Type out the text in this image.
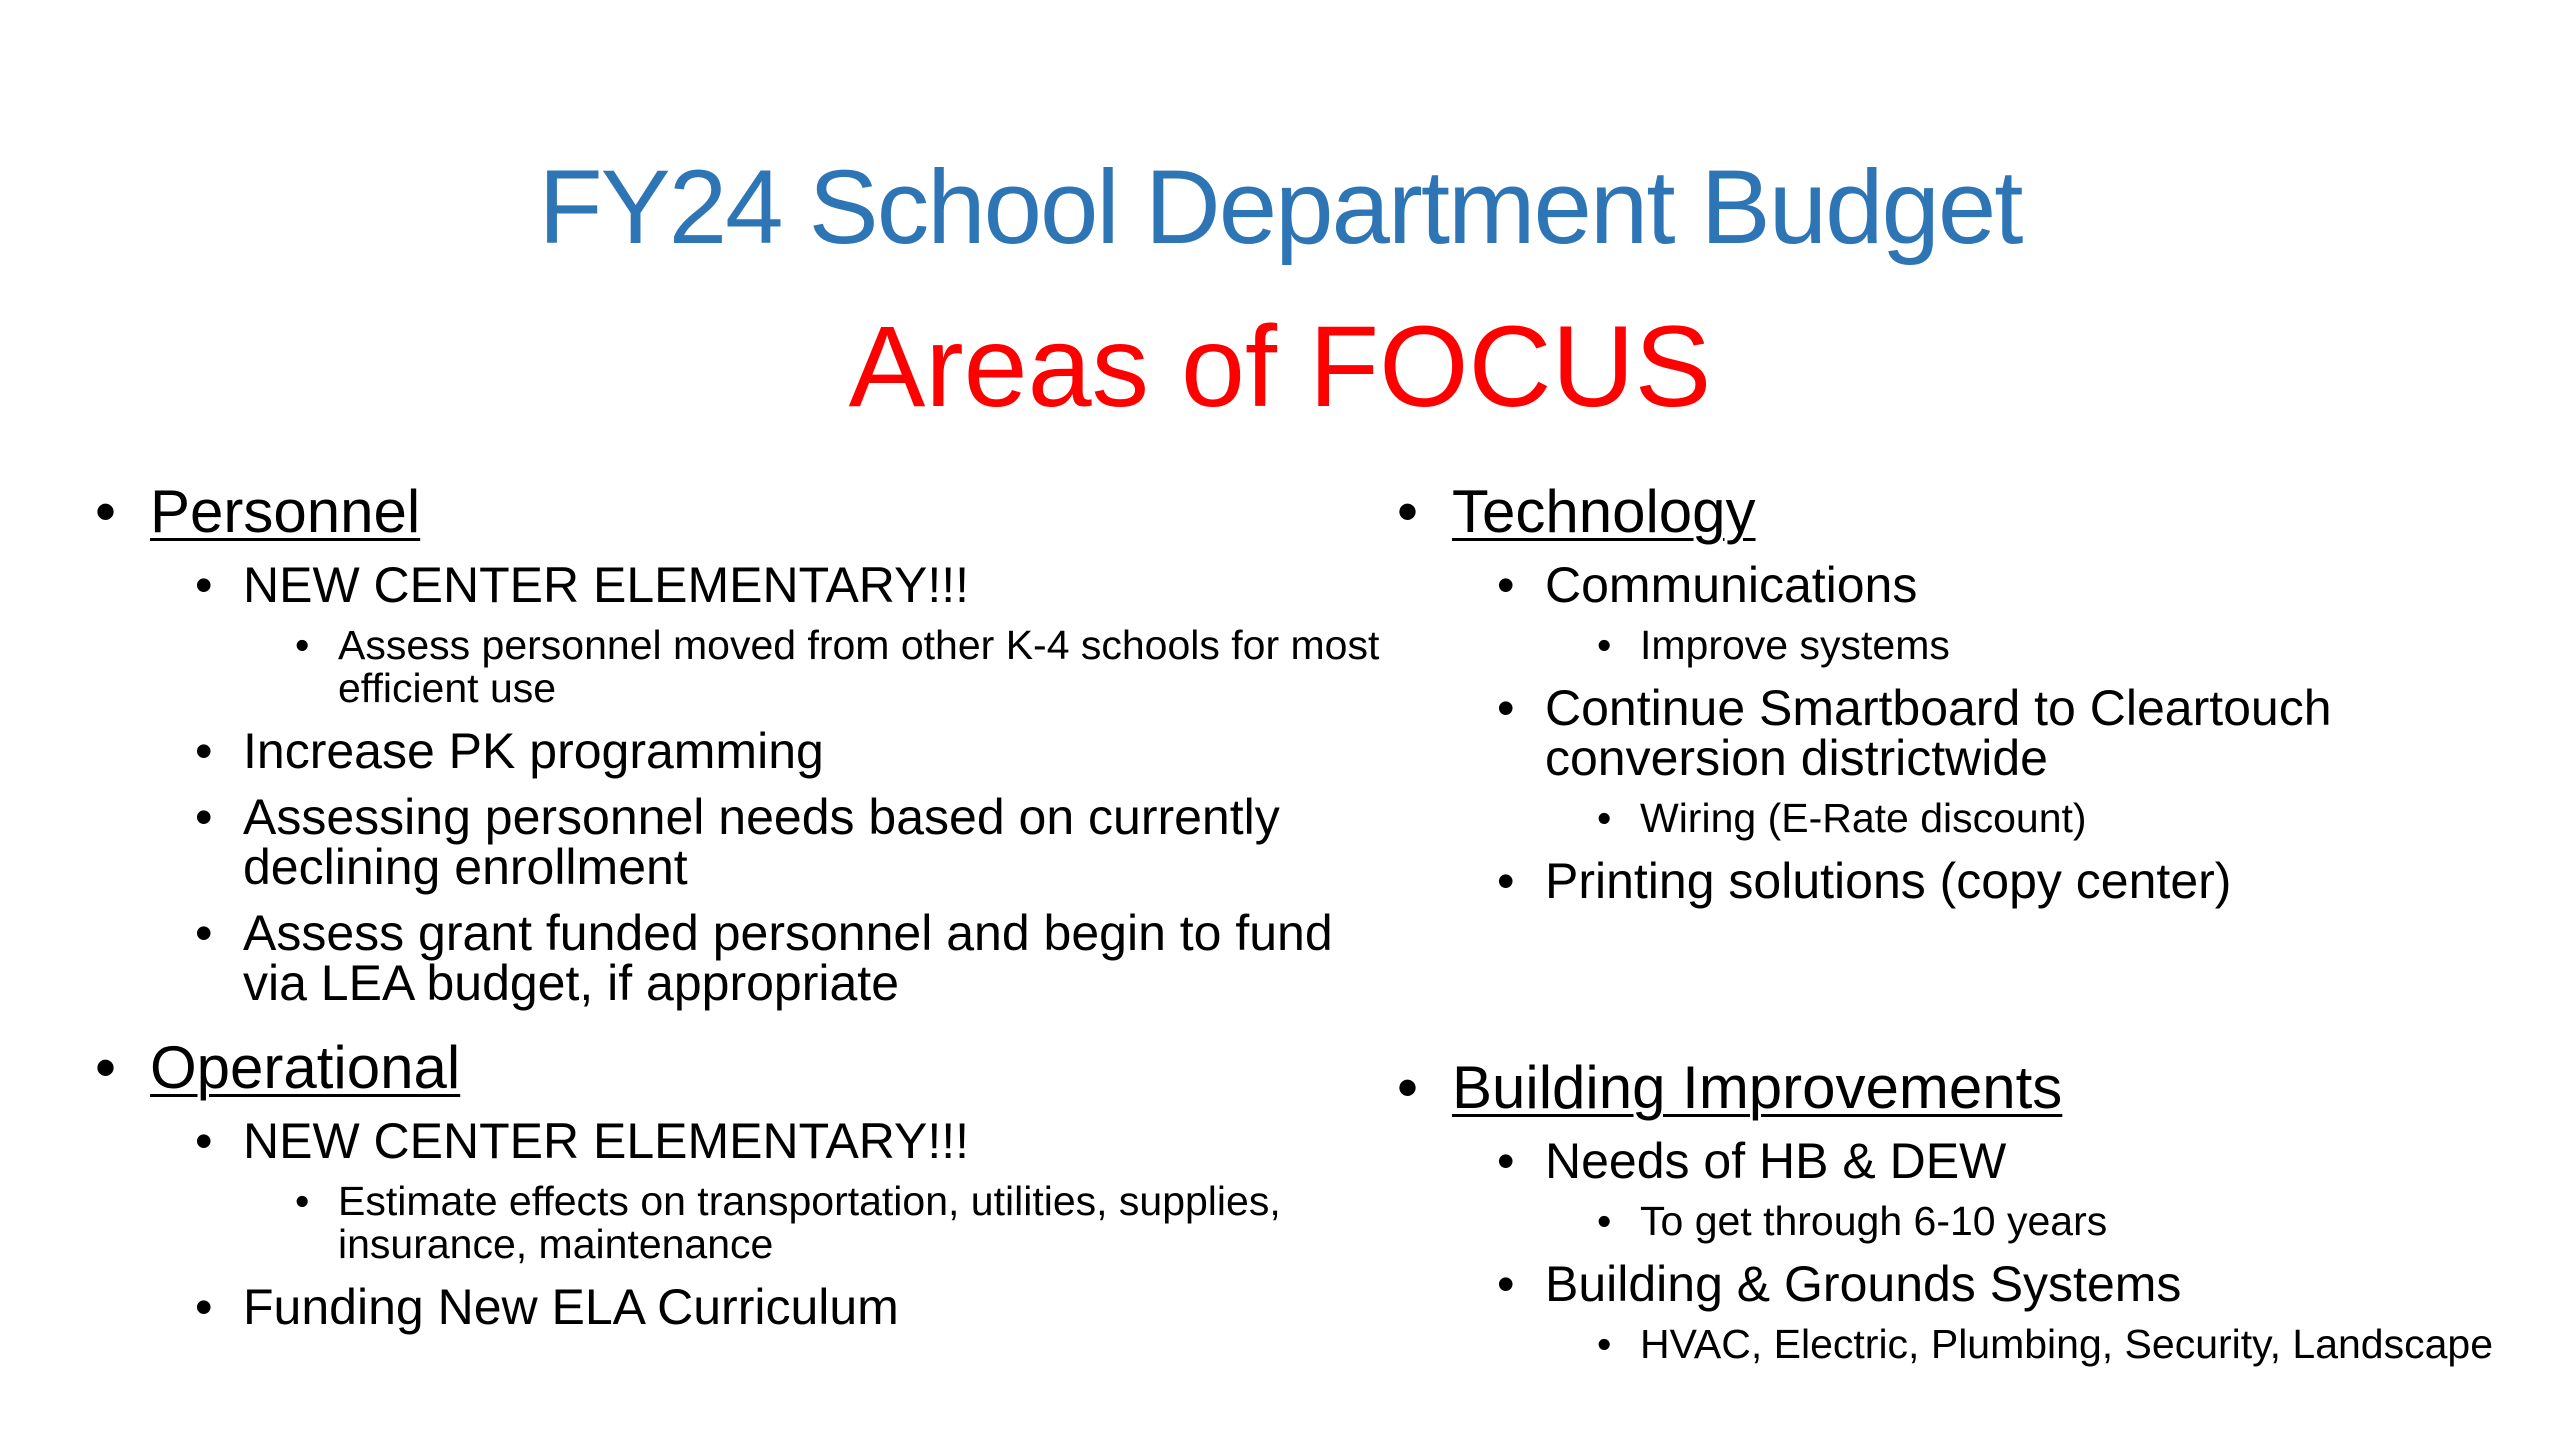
FY24 School Department Budget
Areas of FOCUS
• Personnel
• NEW CENTER ELEMENTARY!!!
• Assess personnel moved from other K-4 schools for most efficient use
• Increase PK programming
• Assessing personnel needs based on currently declining enrollment
• Assess grant funded personnel and begin to fund via LEA budget, if appropriate
• Operational
• NEW CENTER ELEMENTARY!!!
• Estimate effects on transportation, utilities, supplies, insurance, maintenance
• Funding New ELA Curriculum
• Technology
• Communications
• Improve systems
• Continue Smartboard to Cleartouch conversion districtwide
• Wiring (E-Rate discount)
• Printing solutions (copy center)
• Building Improvements
• Needs of HB & DEW
• To get through 6-10 years
• Building & Grounds Systems
• HVAC, Electric, Plumbing, Security, Landscape
